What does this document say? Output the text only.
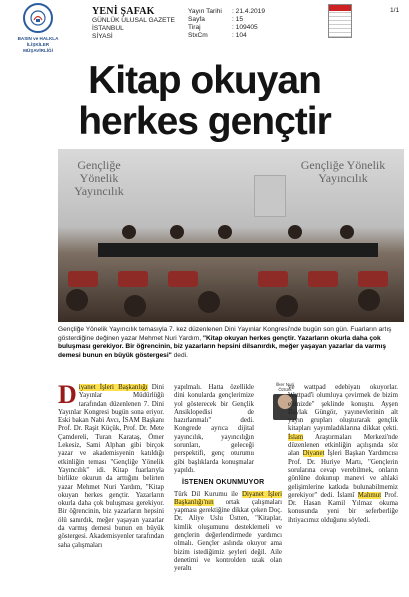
BASIN ve HALKLA İLİŞKİLER
MÜŞAVİRLİĞİ
YENİ ŞAFAK
GÜNLÜK ULUSAL GAZETE
İSTANBUL
SİYASİ
Yayın Tarihi	: 21.4.2019
Sayfa	: 15
Tiraj	: 109405
StxCm	: 104
1/1
Kitap okuyan
herkes gençtir
Gençliğe Yönelik Yayıncılık
Gençliğe Yönelik Yayıncılık
Gençliğe Yönelik Yayıncılık temasıyla 7. kez düzenlenen Dini Yayınlar Kongresi'nde bugün son gün. Fuarların artış gösterdiğine değinen yazar Mehmet Nuri Yardım, "Kitap okuyan herkes gençtir. Yazarların okurla daha çok buluşması gerekiyor. Bir öğrencinin, biz yazarların hepsini dilsanırdık, meğer yaşayan yazarlar da varmış demesi bunun en büyük göstergesi" dedi.
Diyanet İşleri Başkanlığı Dini Yayınlar Müdürlüğü tarafından düzenlenen 7. Dini Yayınlar Kongresi bugün sona eriyor. Eski bakan Nabi Avcı, İSAM Başkanı Prof. Dr. Raşit Küçük, Prof. Dr. Mete Çamdereli, Turan Karataş, Ömer Lekesiz, Sami Alphan gibi birçok yazar ve akademisyenin katıldığı etkinliğin teması "Gençliğe Yönelik Yayıncılık" idi. Kitap fuarlarıyla birlikte okurun da arttığını belirten yazar Mehmet Nuri Yardım, "Kitap okuyan herkes gençtir. Yazarların okurla daha çok buluşması gerekiyor. Bir öğrencinin, biz yazarların hepsini ölü sanırdık, meğer yaşayan yazarlar da varmış demesi bunun en büyük göstergesi. Akademisyenler tarafından saha çalışmaları
yapılmalı. Hatta özellikle dini konularda gençlerimize yol gösterecek bir Gençlik Ansiklopedisi de hazırlanmalı" dedi. Kongrede ayrıca dijital yayıncılık, yayıncılığın sorunları, geleceği perspektifi, genç oturumu gibi başlıklarda konuşmalar yapıldı.
İSTENEN OKUNMUYOR
Türk Dil Kurumu ile Diyanet İşleri Başkanlığı'nın ortak çalışmaları yapması gerektiğine dikkat çeken Doç. Dr. Aliye Uslu Üstten, "Kitaplar, kimlik oluşumunu desteklemeli ve gençlerin değerlendirmede yardımcı olmalı. Gençler aslında okuyor ama bizim istediğimiz şeyleri değil. Aile denetimi ve kontrolden uzak olan yeraltı
İlker Nuri
Öztürk
ve wattpad edebiyatı okuyorlar. Wattpad'i olumluya çevirmek de bizim elimizde" şeklinde konuştu. Ayşen Baylak Güngör, yayınevlerinin alt yayın grupları oluşturarak gençlik kitapları yayımladıklarına dikkat çekti. İslam Araştırmaları Merkezi'nde düzenlenen etkinliğin açılışında söz alan Diyanet İşleri Başkan Yardımcısı Prof. Dr. Huriye Martı, "Gençlerin sorularına cevap verebilmek, onların gönlüne dokunup manevi ve ahlaki gelişimlerine katkıda bulunabilmemiz gerekiyor" dedi. İslamî Mahmut Prof. Dr. Hasan Kamil Yılmaz okuma konusunda yeni bir seferberliğe ihtiyacımız olduğunu söyledi.
